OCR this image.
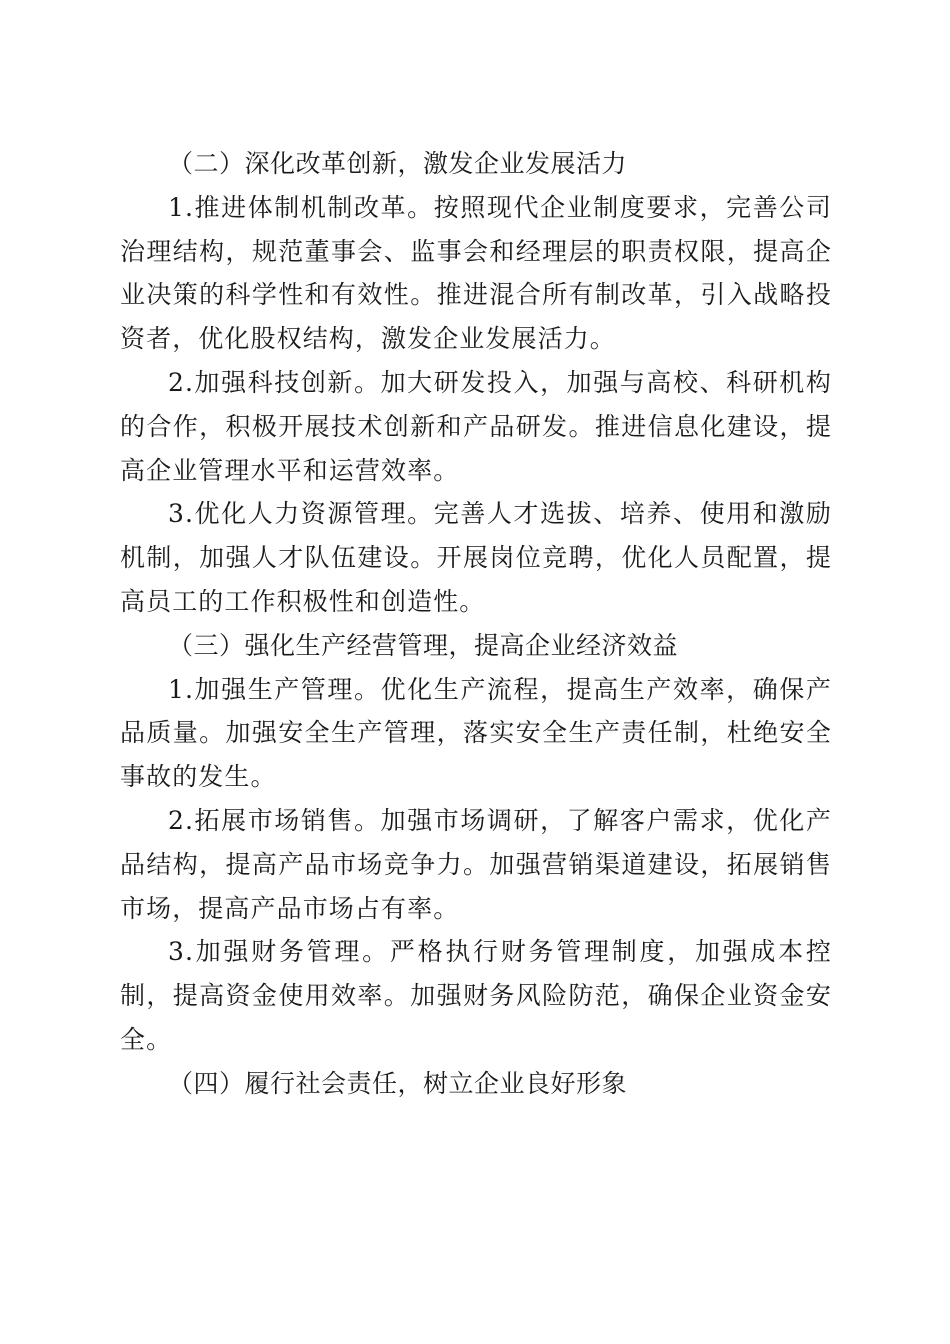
（二）深化改革创新，激发企业发展活力

1.推进体制机制改革。按照现代企业制度要求，完善公司治理结构，规范董事会、监事会和经理层的职责权限，提高企业决策的科学性和有效性。推进混合所有制改革，引入战略投资者，优化股权结构，激发企业发展活力。

2.加强科技创新。加大研发投入，加强与高校、科研机构的合作，积极开展技术创新和产品研发。推进信息化建设，提高企业管理水平和运营效率。

3.优化人力资源管理。完善人才选拔、培养、使用和激励机制，加强人才队伍建设。开展岗位竞聘，优化人员配置，提高员工的工作积极性和创造性。

（三）强化生产经营管理，提高企业经济效益

1.加强生产管理。优化生产流程，提高生产效率，确保产品质量。加强安全生产管理，落实安全生产责任制，杜绝安全事故的发生。

2.拓展市场销售。加强市场调研，了解客户需求，优化产品结构，提高产品市场竞争力。加强营销渠道建设，拓展销售市场，提高产品市场占有率。

3.加强财务管理。严格执行财务管理制度，加强成本控制，提高资金使用效率。加强财务风险防范，确保企业资金安全。

（四）履行社会责任，树立企业良好形象
